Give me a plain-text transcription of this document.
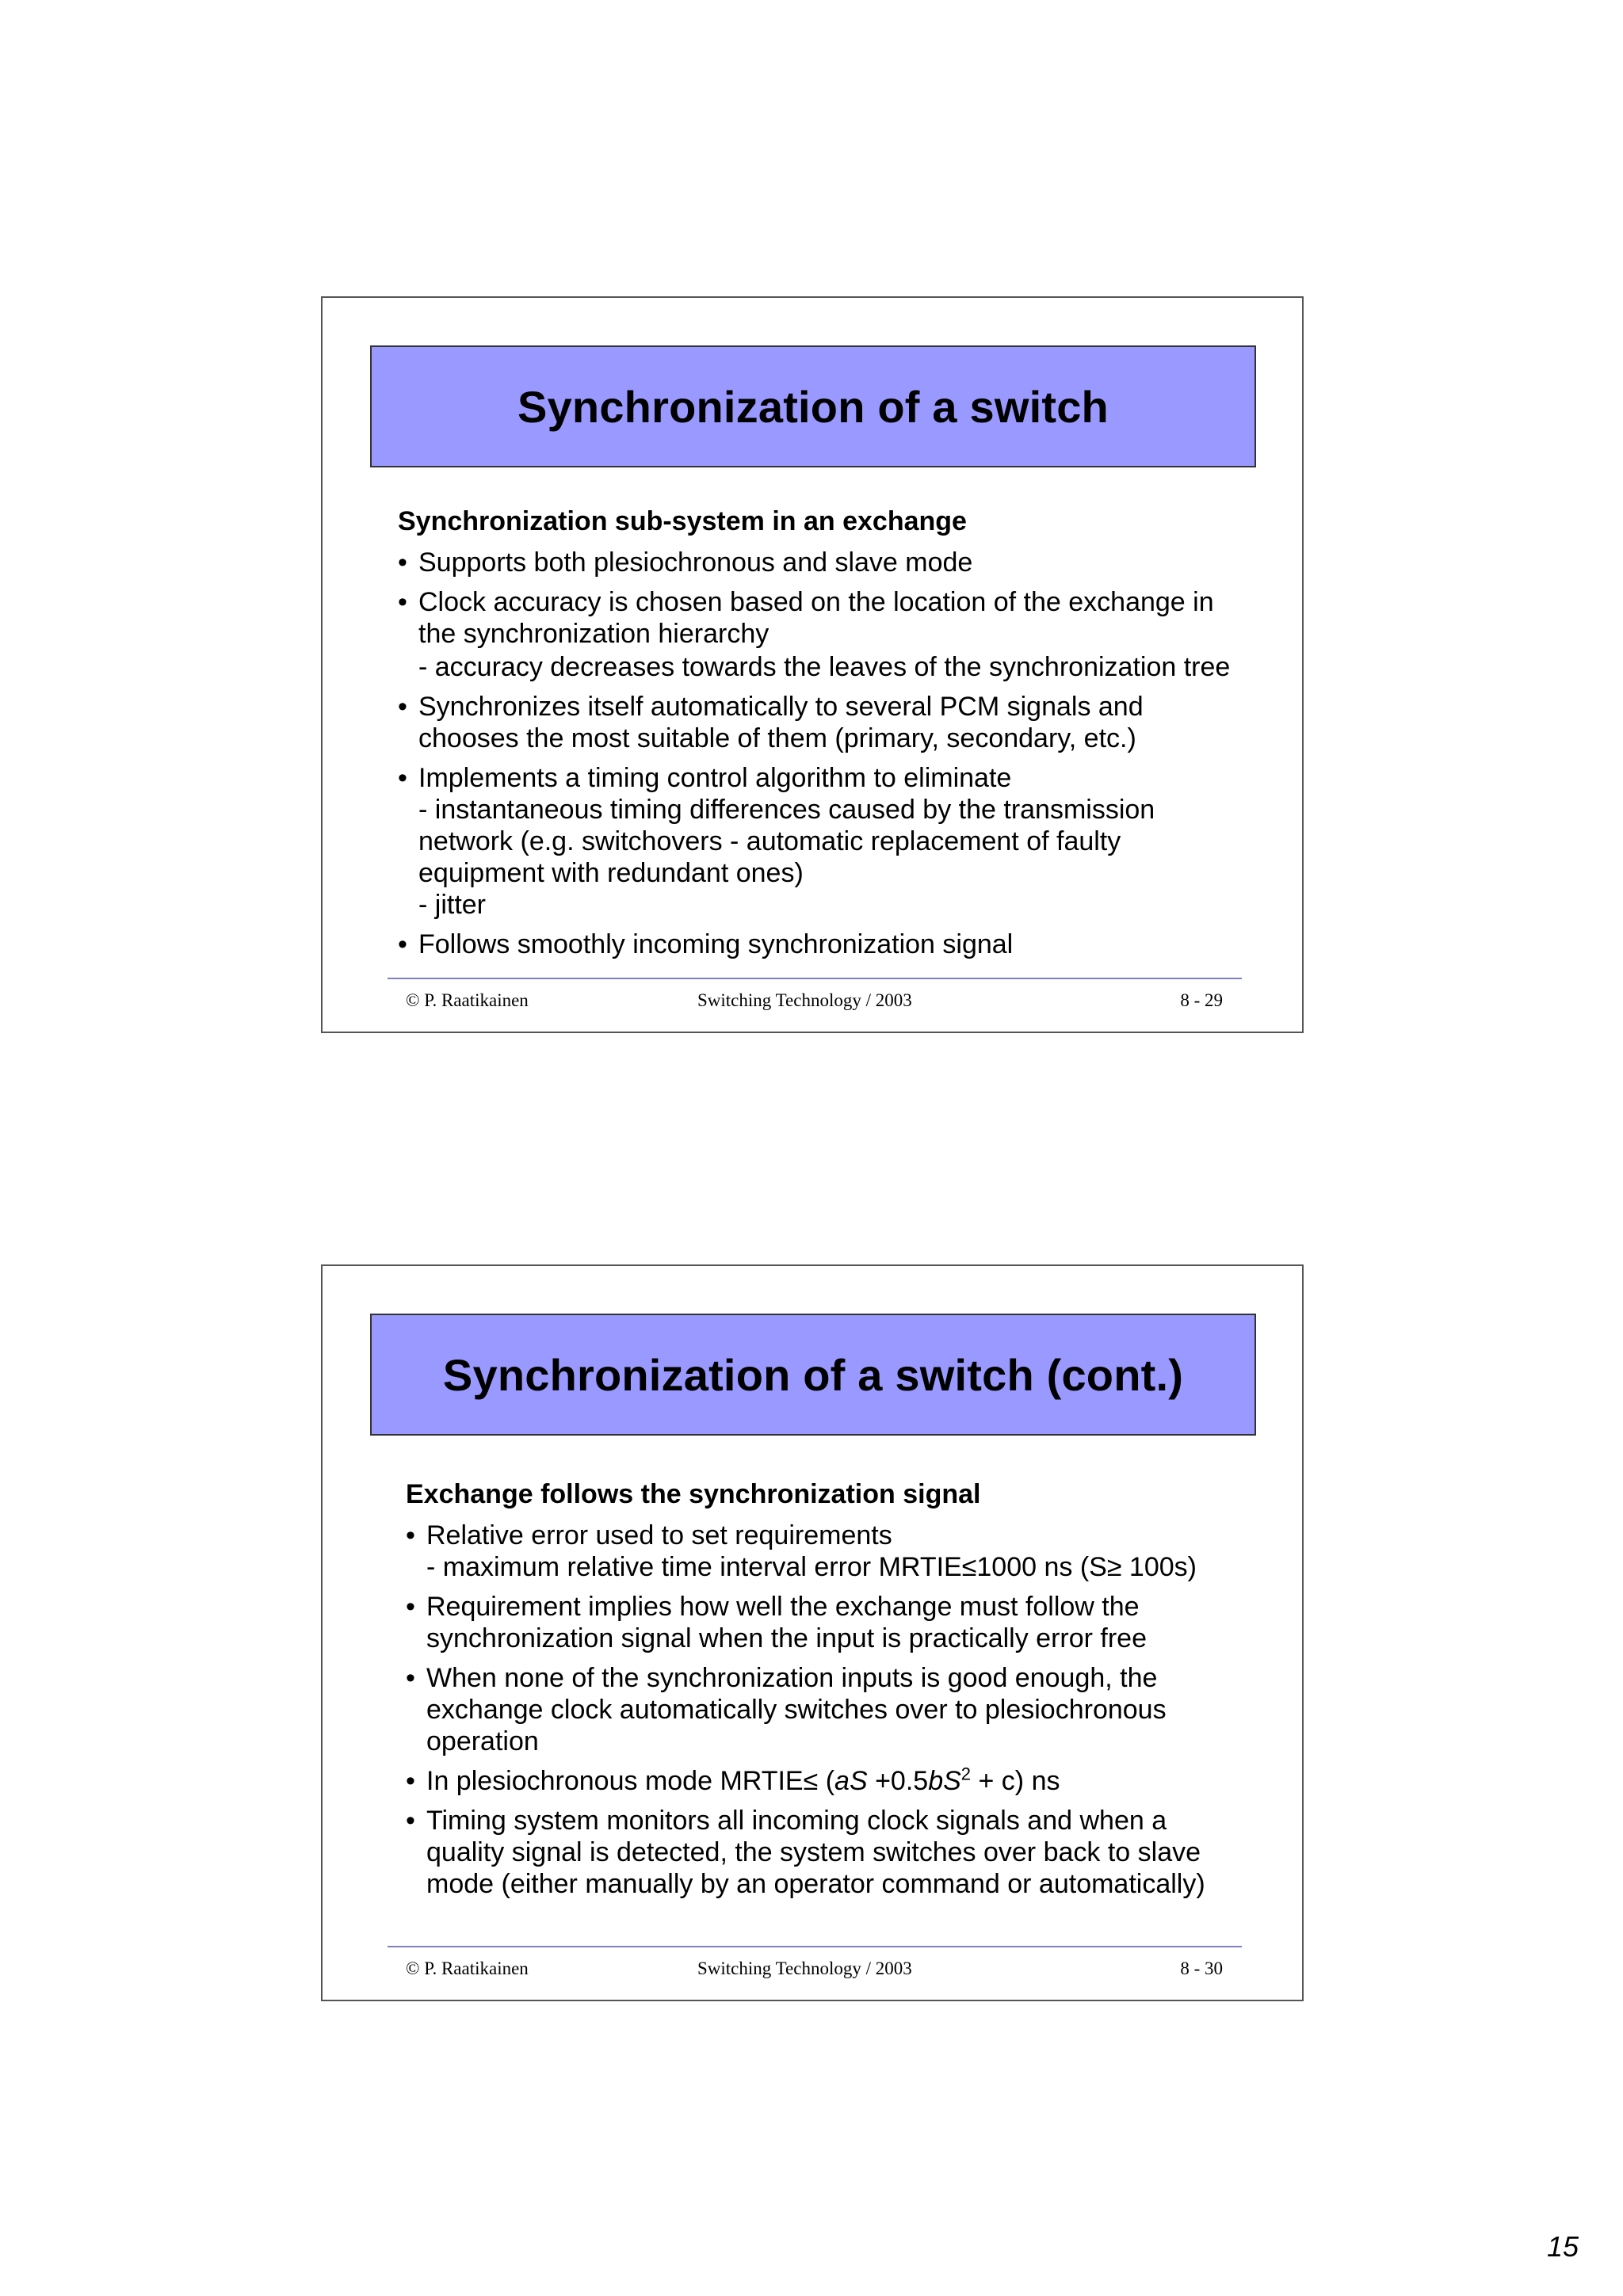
Synchronization of a switch
Synchronization sub-system in an exchange
• Supports both plesiochronous and slave mode
• Clock accuracy is chosen based on the location of the exchange in
the synchronization hierarchy
- accuracy decreases towards the leaves of the synchronization tree
• Synchronizes itself automatically to several PCM signals and
chooses the most suitable of them (primary, secondary, etc.)
• Implements a timing control algorithm to eliminate
- instantaneous timing differences caused by the transmission
network (e.g. switchovers - automatic replacement of faulty
equipment with redundant ones)
- jitter
• Follows smoothly incoming synchronization signal
© P. Raatikainen	Switching Technology / 2003	8 - 29
Synchronization of a switch (cont.)
Exchange follows the synchronization signal
• Relative error used to set requirements
- maximum relative time interval error MRTIE≤1000 ns (S≥ 100s)
• Requirement implies how well the exchange must follow the
synchronization signal when the input is practically error free
• When none of the synchronization inputs is good enough, the
exchange clock automatically switches over to plesiochronous
operation
• In plesiochronous mode MRTIE≤ $(aS +0.5bS^2 + c)$ ns
• Timing system monitors all incoming clock signals and when a
quality signal is detected, the system switches over back to slave
mode (either manually by an operator command or automatically)
© P. Raatikainen	Switching Technology / 2003	8 - 30
15
